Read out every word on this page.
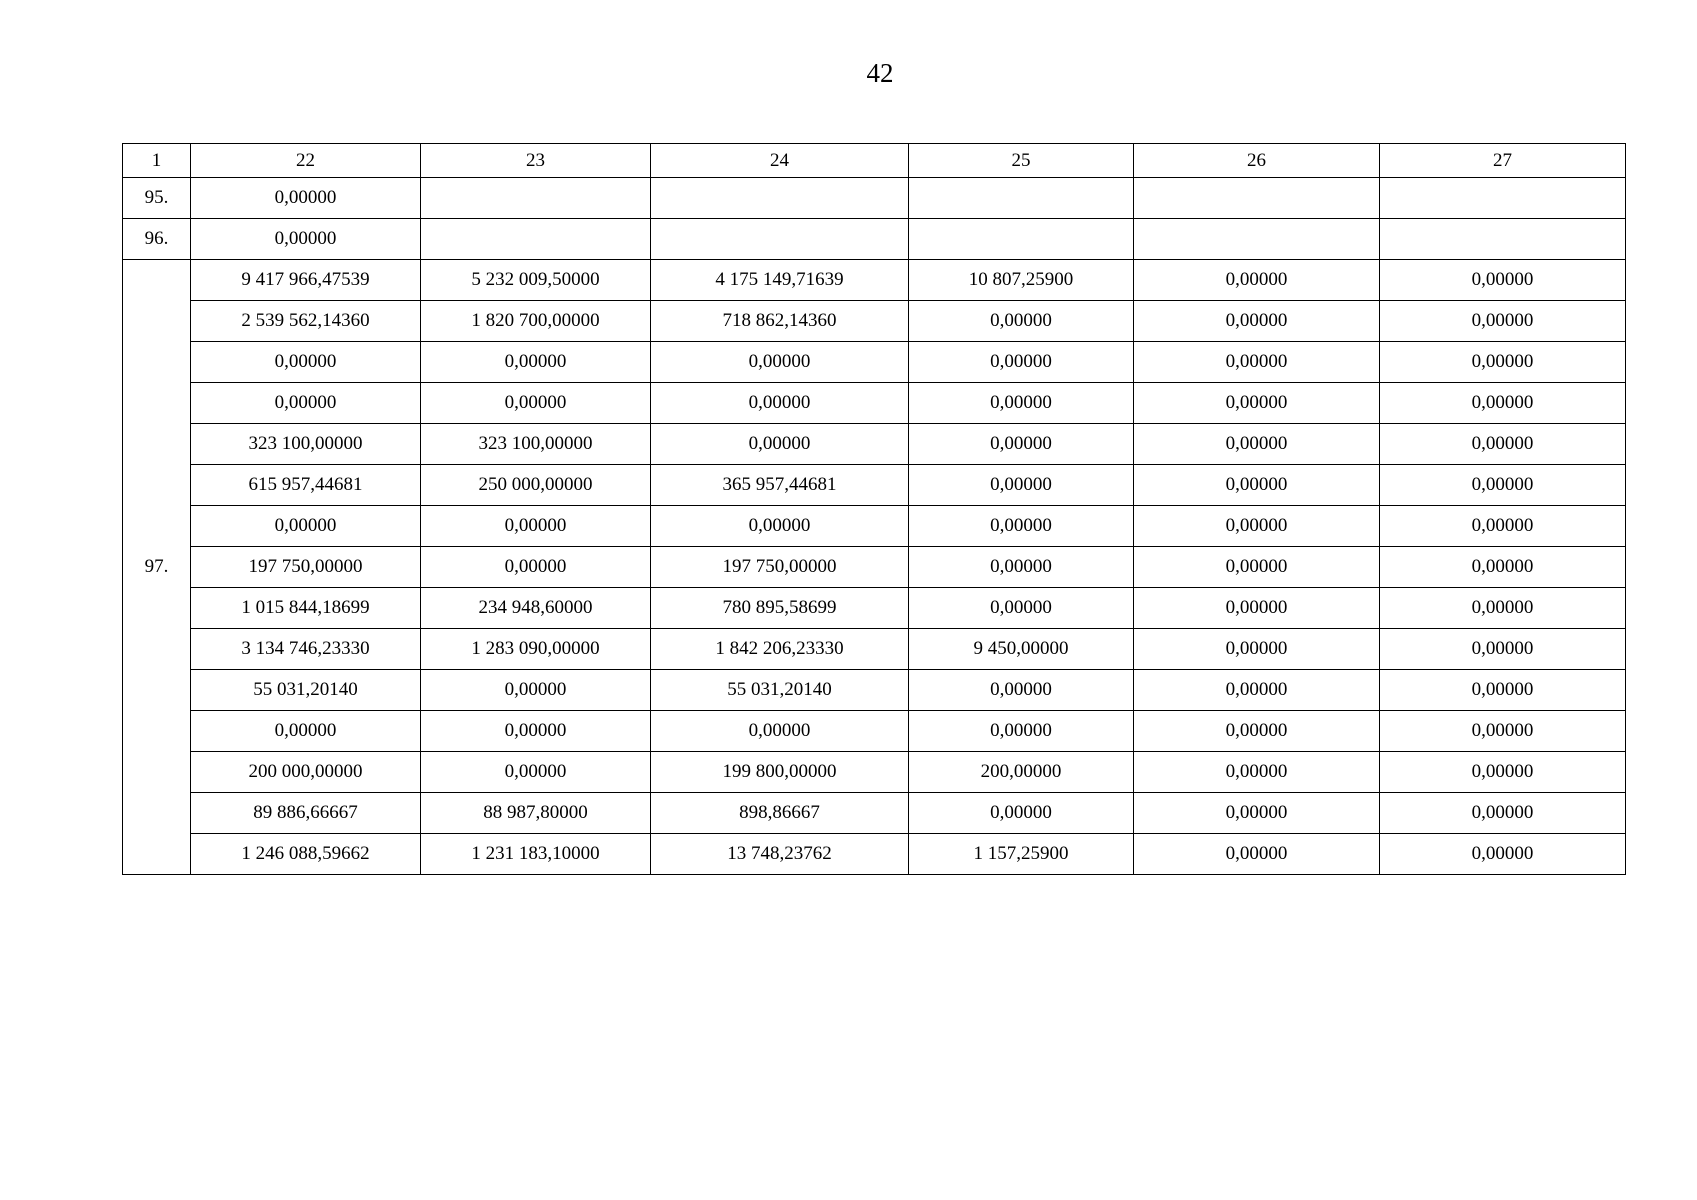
42
1	22	23	24	25	26	27
95.	0,00000					
96.	0,00000					
97.	9 417 966,47539	5 232 009,50000	4 175 149,71639	10 807,25900	0,00000	0,00000
	2 539 562,14360	1 820 700,00000	718 862,14360	0,00000	0,00000	0,00000
	0,00000	0,00000	0,00000	0,00000	0,00000	0,00000
	0,00000	0,00000	0,00000	0,00000	0,00000	0,00000
	323 100,00000	323 100,00000	0,00000	0,00000	0,00000	0,00000
	615 957,44681	250 000,00000	365 957,44681	0,00000	0,00000	0,00000
	0,00000	0,00000	0,00000	0,00000	0,00000	0,00000
	197 750,00000	0,00000	197 750,00000	0,00000	0,00000	0,00000
	1 015 844,18699	234 948,60000	780 895,58699	0,00000	0,00000	0,00000
	3 134 746,23330	1 283 090,00000	1 842 206,23330	9 450,00000	0,00000	0,00000
	55 031,20140	0,00000	55 031,20140	0,00000	0,00000	0,00000
	0,00000	0,00000	0,00000	0,00000	0,00000	0,00000
	200 000,00000	0,00000	199 800,00000	200,00000	0,00000	0,00000
	89 886,66667	88 987,80000	898,86667	0,00000	0,00000	0,00000
	1 246 088,59662	1 231 183,10000	13 748,23762	1 157,25900	0,00000	0,00000
